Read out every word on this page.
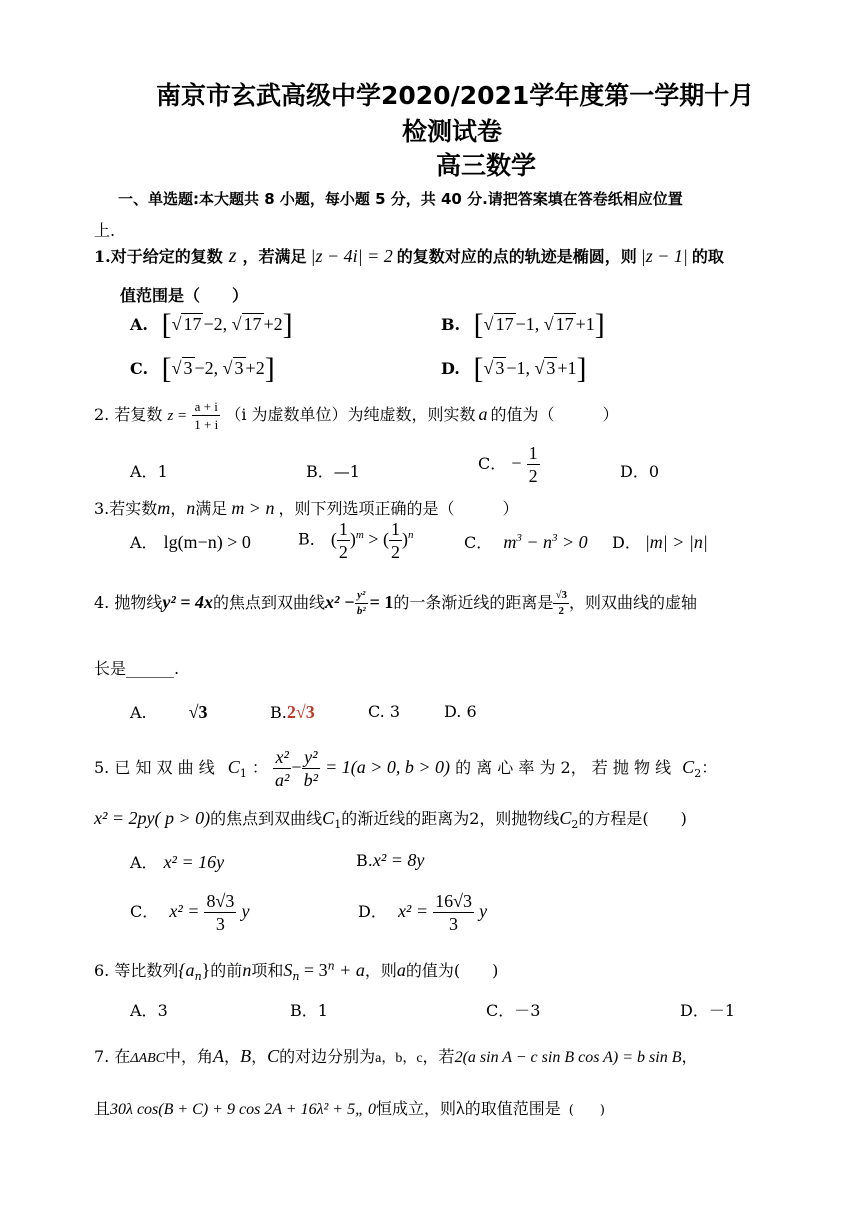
南京市玄武高级中学2020/2021学年度第一学期十月
检测试卷
高三数学
一、单选题:本大题共 8 小题，每小题 5 分，共 40 分.请把答案填在答卷纸相应位置
上.
1.对于给定的复数 z ，若满足 |z − 4i| = 2 的复数对应的点的轨迹是椭圆，则 |z − 1| 的取
值范围是（　　）
A. [√ 17 −2, √ 17 +2]	B. [√ 17 −1, √ 17 +1]
C. [√ 3 −2, √ 3 +2]	D. [√ 3 −1, √ 3 +1]
2. 若复数 $z = \frac{a + i}{1 + i} (i$ 为虚数单位）为纯虚数，则实数 a 的值为（　　　）
A．1	B．—1	C． − $\frac{1}{2}$	D．0
3.若实数m，n满足 m > n ，则下列选项正确的是（　　　）
A． lg(m−n) > 0	B． ( $\frac{1}{2} )^m$ > ( $\frac{1}{2} )^n$	C． $m^3 - n^3 > 0$ D． |m| > |n|
4. 抛物线y² = 4x的焦点到双曲线$x^2 - \frac{\text{y²}}{\text{b²}} = 1$的一条渐近线的距离是 $\frac{√3}{2}$ ，则双曲线的虚轴
长是______.
A. √3	B.2√3	C. 3	D. 6
5. 已 知 双 曲 线 $C_1$ ： $\frac{\text{x²}}{\text{a²}} - \frac{\text{y²}}{\text{b²}} = 1(a > 0$, b > 0) 的 离 心 率 为 2， 若 抛 物 线 $C_2$：
x² = 2py( p > 0)的焦点到双曲线$C_1$的渐近线的距离为2，则抛物线$C_2$的方程是(　　)
A． x² = 16y	B.x² = 8y
C． $x^2 = \frac{8√3}{3}$ y	D． $x^2 = \frac{16√3}{3}$ y
6. 等比数列$\{a_n\}$的前n项和$S_n = 3^n + a$，则a的值为(　　)
A．3	B．1	C．－3	D．－1
7. 在ΔABC中，角A，B，C的对边分别为a，b，c，若2(a sin A − c sin B cos A) = b sin B，
且30λ cos(B + C) + 9 cos 2A + 16λ² + 5„ 0恒成立，则λ的取值范围是 (　　)
